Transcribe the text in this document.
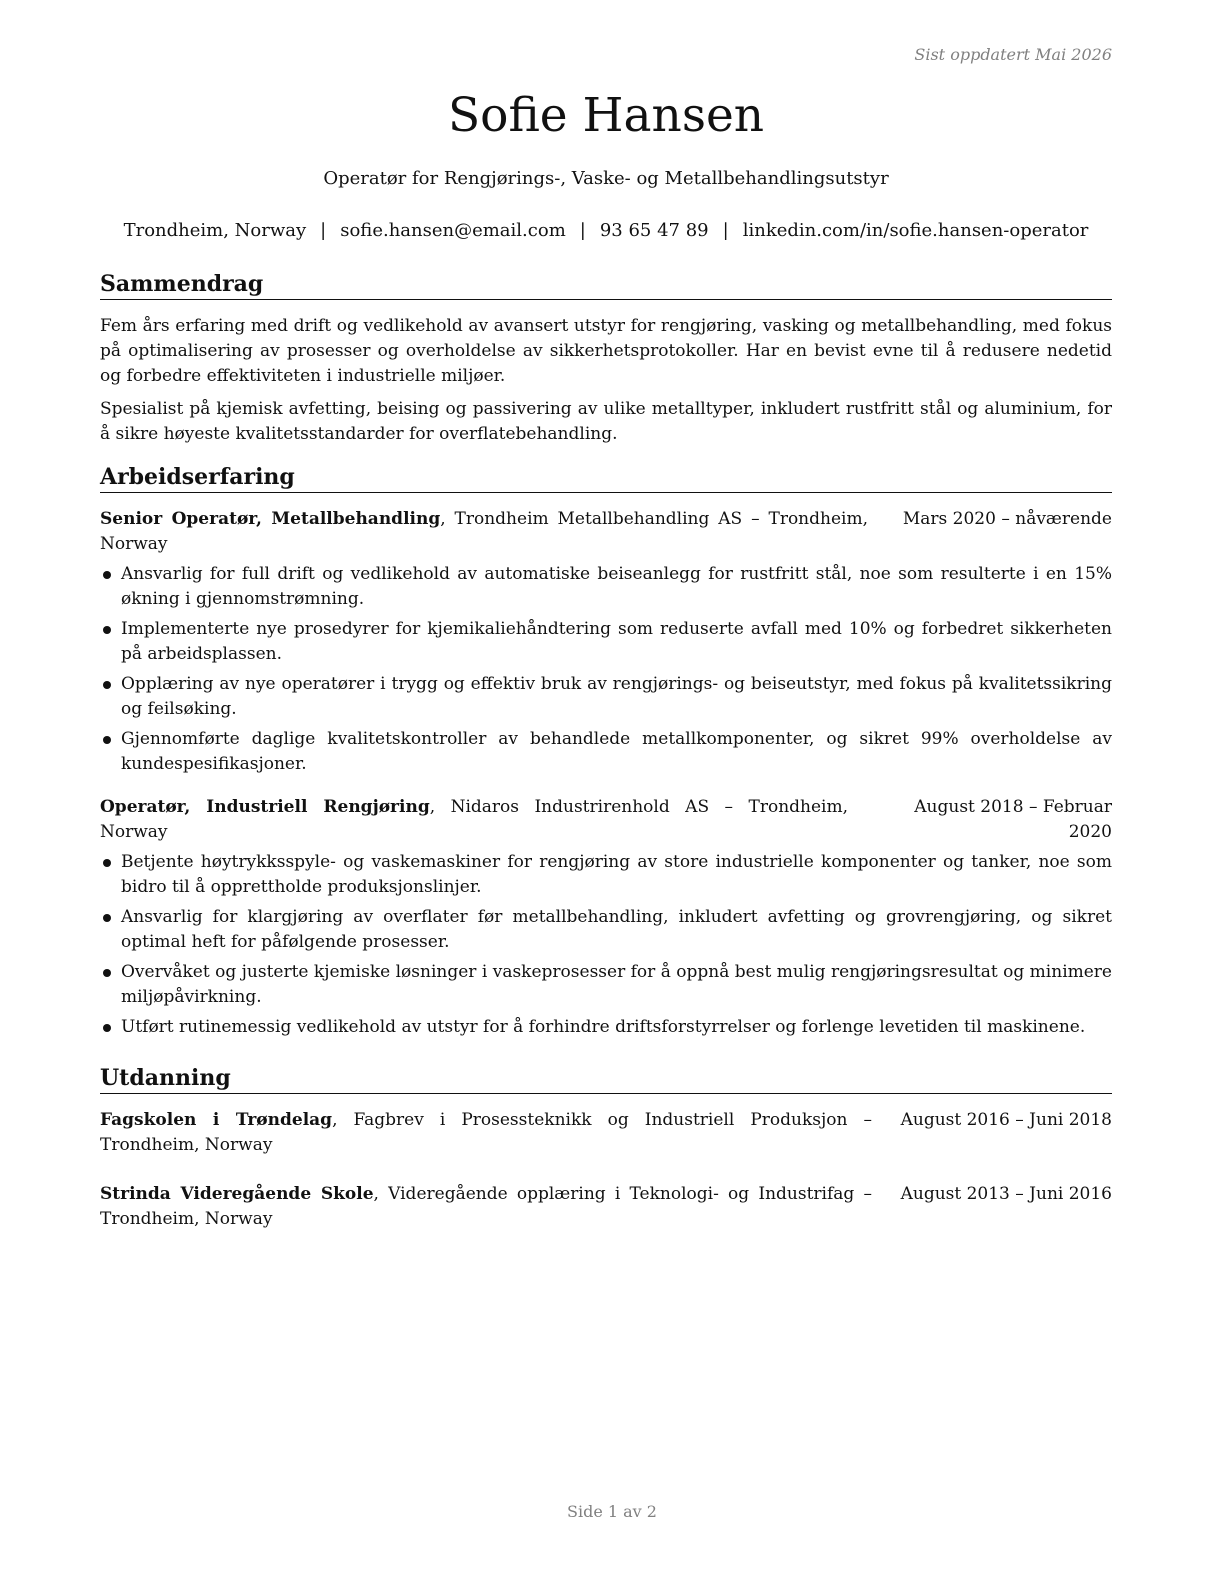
Sist oppdatert Mai 2026
Sofie Hansen
Operatør for Rengjørings-, Vaske- og Metallbehandlingsutstyr
Trondheim, Norway | sofie.hansen@email.com | 93 65 47 89 | linkedin.com/in/sofie.hansen-operator
Sammendrag

Fem års erfaring med drift og vedlikehold av avansert utstyr for rengjøring, vasking og metallbehandling, med fokus på optimalisering av prosesser og overholdelse av sikkerhetsprotokoller. Har en bevist evne til å redusere nedetid og forbedre effektiviteten i industrielle miljøer.

Spesialist på kjemisk avfetting, beising og passivering av ulike metalltyper, inkludert rustfritt stål og aluminium, for å sikre høyeste kvalitetsstandarder for overflatebehandling.

Arbeidserfaring
Senior Operatør, Metallbehandling, Trondheim Metallbehandling AS – Trondheim, Norway
Mars 2020 – nåværende
Ansvarlig for full drift og vedlikehold av automatiske beiseanlegg for rustfritt stål, noe som resulterte i en 15% økning i gjennomstrømning.
Implementerte nye prosedyrer for kjemikaliehåndtering som reduserte avfall med 10% og forbedret sikkerheten på arbeidsplassen.
Opplæring av nye operatører i trygg og effektiv bruk av rengjørings- og beiseutstyr, med fokus på kvalitetssikring og feilsøking.
Gjennomførte daglige kvalitetskontroller av behandlede metallkomponenter, og sikret 99% overholdelse av kundespesifikasjoner.
Operatør, Industriell Rengjøring, Nidaros Industrirenhold AS – Trondheim, Norway
August 2018 – Februar 2020
Betjente høytrykksspyle- og vaskemaskiner for rengjøring av store industrielle komponenter og tanker, noe som bidro til å opprettholde produksjonslinjer.
Ansvarlig for klargjøring av overflater før metallbehandling, inkludert avfetting og grovrengjøring, og sikret optimal heft for påfølgende prosesser.
Overvåket og justerte kjemiske løsninger i vaskeprosesser for å oppnå best mulig rengjøringsresultat og minimere miljøpåvirkning.
Utført rutinemessig vedlikehold av utstyr for å forhindre driftsforstyrrelser og forlenge levetiden til maskinene.
Utdanning
Fagskolen i Trøndelag, Fagbrev i Prosessteknikk og Industriell Produksjon – Trondheim, Norway
August 2016 – Juni 2018
Strinda Videregående Skole, Videregående opplæring i Teknologi- og Industrifag – Trondheim, Norway
August 2013 – Juni 2016
Side 1 av 2
